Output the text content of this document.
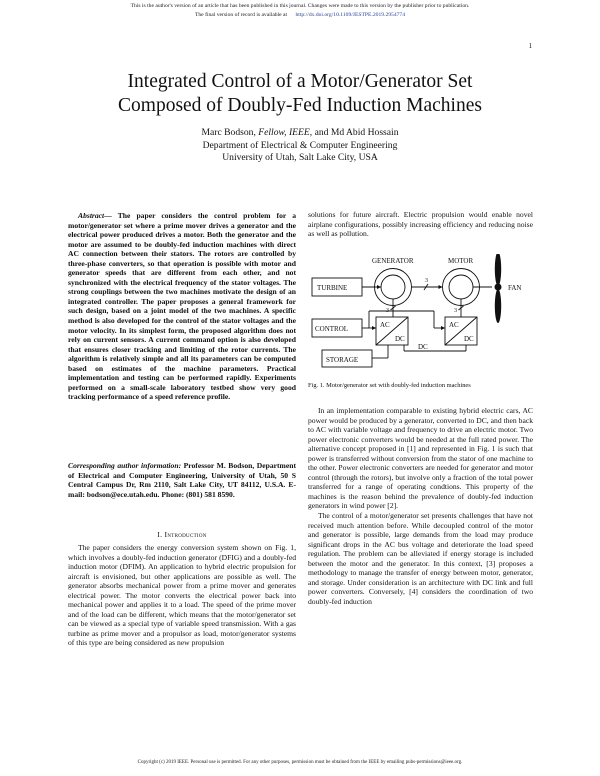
This is the author's version of an article that has been published in this journal. Changes were made to this version by the publisher prior to publication.
The final version of record is available at http://dx.doi.org/10.1109/JESTPE.2019.2954774
1
Integrated Control of a Motor/Generator Set
Composed of Doubly-Fed Induction Machines
Marc Bodson, Fellow, IEEE, and Md Abid Hossain
Department of Electrical & Computer Engineering
University of Utah, Salt Lake City, USA

Abstract— The paper considers the control problem for a motor/generator set where a prime mover drives a generator and the electrical power produced drives a motor. Both the generator and the motor are assumed to be doubly-fed induction machines with direct AC connection between their stators. The rotors are controlled by three-phase converters, so that operation is possible with motor and generator speeds that are different from each other, and not synchronized with the electrical frequency of the stator voltages. The strong couplings between the two machines motivate the design of an integrated controller. The paper proposes a general framework for such design, based on a joint model of the two machines. A specific method is also developed for the control of the stator voltages and the motor velocity. In its simplest form, the proposed algorithm does not rely on current sensors. A current command option is also developed that ensures closer tracking and limiting of the rotor currents. The algorithm is relatively simple and all its parameters can be computed based on estimates of the machine parameters. Practical implementation and testing can be performed rapidly. Experiments performed on a small-scale laboratory testbed show very good tracking performance of a speed reference profile.

Corresponding author information: Professor M. Bodson, Department of Electrical and Computer Engineering, University of Utah, 50 S Central Campus Dr, Rm 2110, Salt Lake City, UT 84112, U.S.A. E-mail: bodson@ece.utah.edu. Phone: (801) 581 8590.

I. Introduction

The paper considers the energy conversion system shown on Fig. 1, which involves a doubly-fed induction generator (DFIG) and a doubly-fed induction motor (DFIM). An application to hybrid electric propulsion for aircraft is envisioned, but other applications are possible as well. The generator absorbs mechanical power from a prime mover and generates electrical power. The motor converts the electrical power back into mechanical power and applies it to a load. The speed of the prime mover and of the load can be different, which means that the motor/generator set can be viewed as a special type of variable speed transmission. With a gas turbine as prime mover and a propulsor as load, motor/generator systems of this type are being considered as new propulsion

solutions for future aircraft. Electric propulsion would enable novel airplane configurations, possibly increasing efficiency and reducing noise as well as pollution.

GENERATOR	MOTOR
TURBINE	FAN
CONTROL
STORAGE
AC
DC
AC
DC
DC
3
3	3
Fig. 1. Motor/generator set with doubly-fed induction machines

In an implementation comparable to existing hybrid electric cars, AC power would be produced by a generator, converted to DC, and then back to AC with variable voltage and frequency to drive an electric motor. Two power electronic converters would be needed at the full rated power. The alternative concept proposed in [1] and represented in Fig. 1 is such that power is transferred without conversion from the stator of one machine to the other. Power electronic converters are needed for generator and motor control (through the rotors), but involve only a fraction of the total power transferred for a range of operating condtions. This property of the machines is the reason behind the prevalence of doubly-fed induction generators in wind power [2].

The control of a motor/generator set presents challenges that have not received much attention before. While decoupled control of the motor and generator is possible, large demands from the load may produce significant drops in the AC bus voltage and deteriorate the load speed regulation. The problem can be alleviated if energy storage is included between the motor and the generator. In this context, [3] proposes a methodology to manage the transfer of energy between motor, generator, and storage. Under consideration is an architecture with DC link and full power converters. Conversely, [4] considers the coordination of two doubly-fed induction

Copyright (c) 2019 IEEE. Personal use is permitted. For any other purposes, permission must be obtained from the IEEE by emailing pubs-permissions@ieee.org.
